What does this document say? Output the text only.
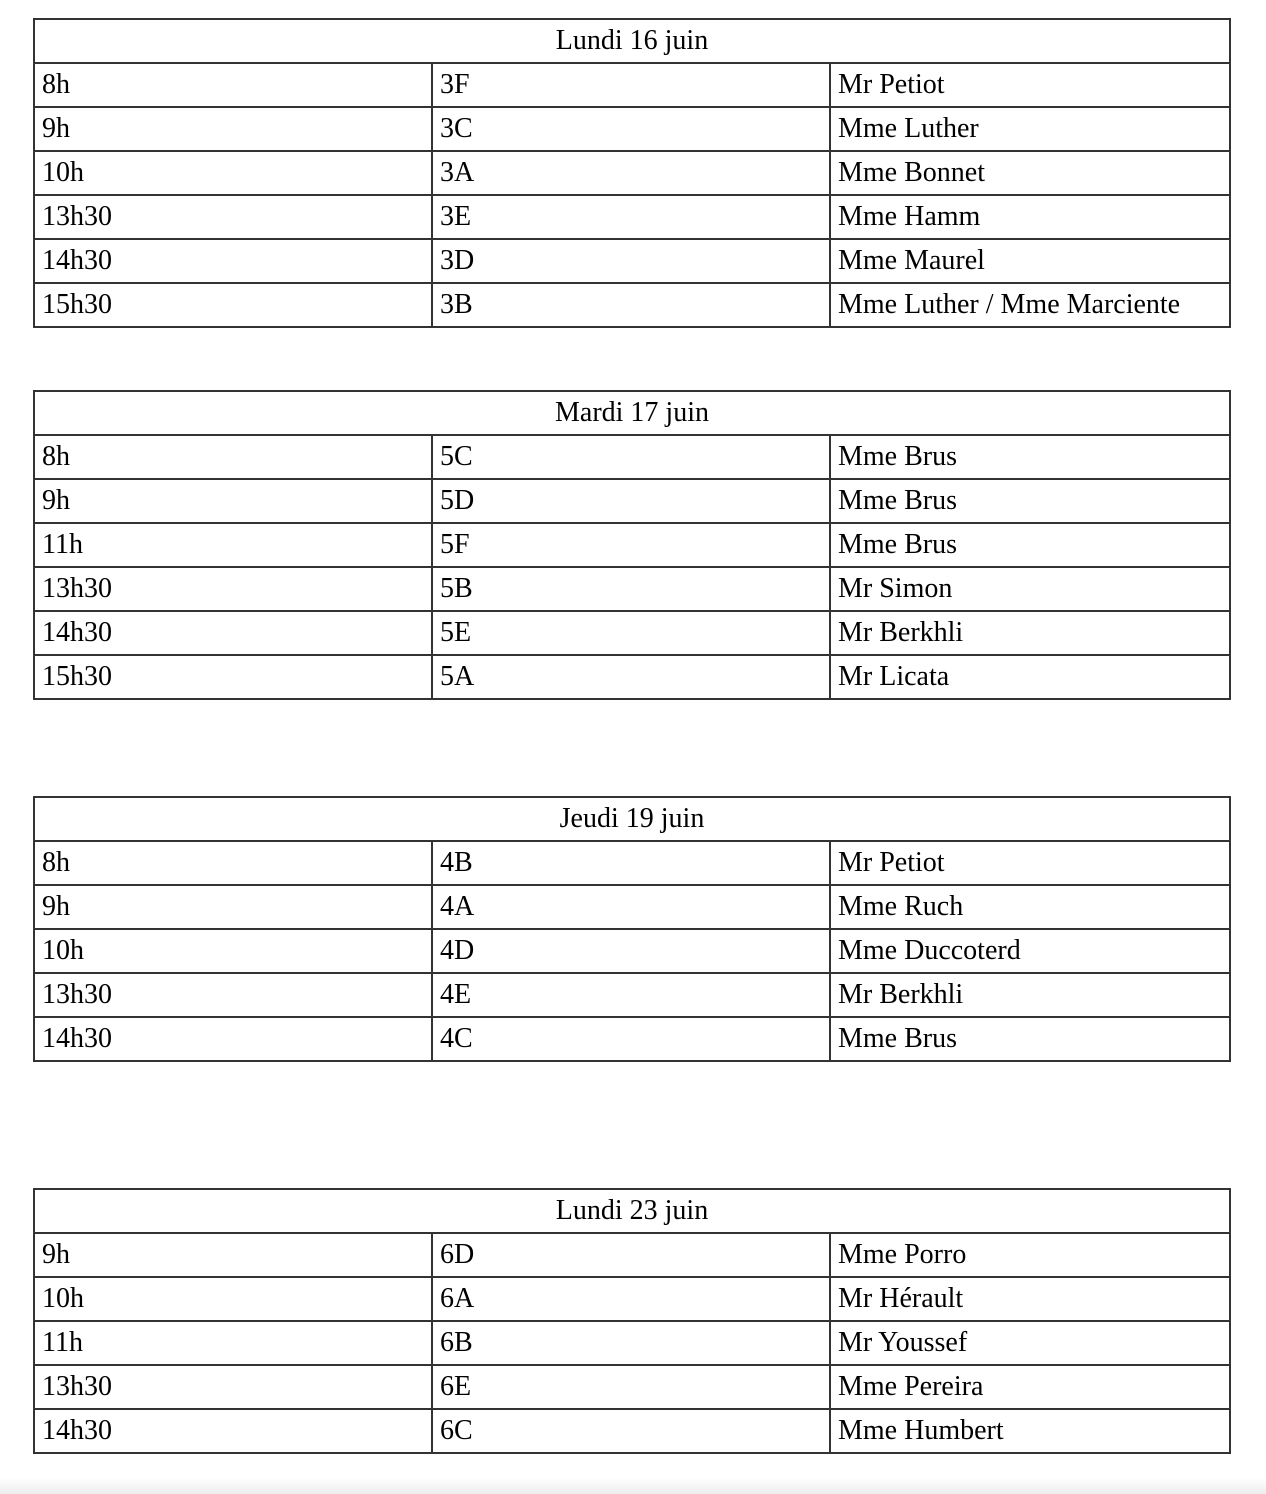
Lundi 16 juin		
8h	3F	Mr Petiot
9h	3C	Mme Luther
10h	3A	Mme Bonnet
13h30	3E	Mme Hamm
14h30	3D	Mme Maurel
15h30	3B	Mme Luther / Mme Marciente
Mardi 17 juin		
8h	5C	Mme Brus
9h	5D	Mme Brus
11h	5F	Mme Brus
13h30	5B	Mr Simon
14h30	5E	Mr Berkhli
15h30	5A	Mr Licata
Jeudi 19 juin		
8h	4B	Mr Petiot
9h	4A	Mme Ruch
10h	4D	Mme Duccoterd
13h30	4E	Mr Berkhli
14h30	4C	Mme Brus
Lundi 23 juin		
9h	6D	Mme Porro
10h	6A	Mr Hérault
11h	6B	Mr Youssef
13h30	6E	Mme Pereira
14h30	6C	Mme Humbert
